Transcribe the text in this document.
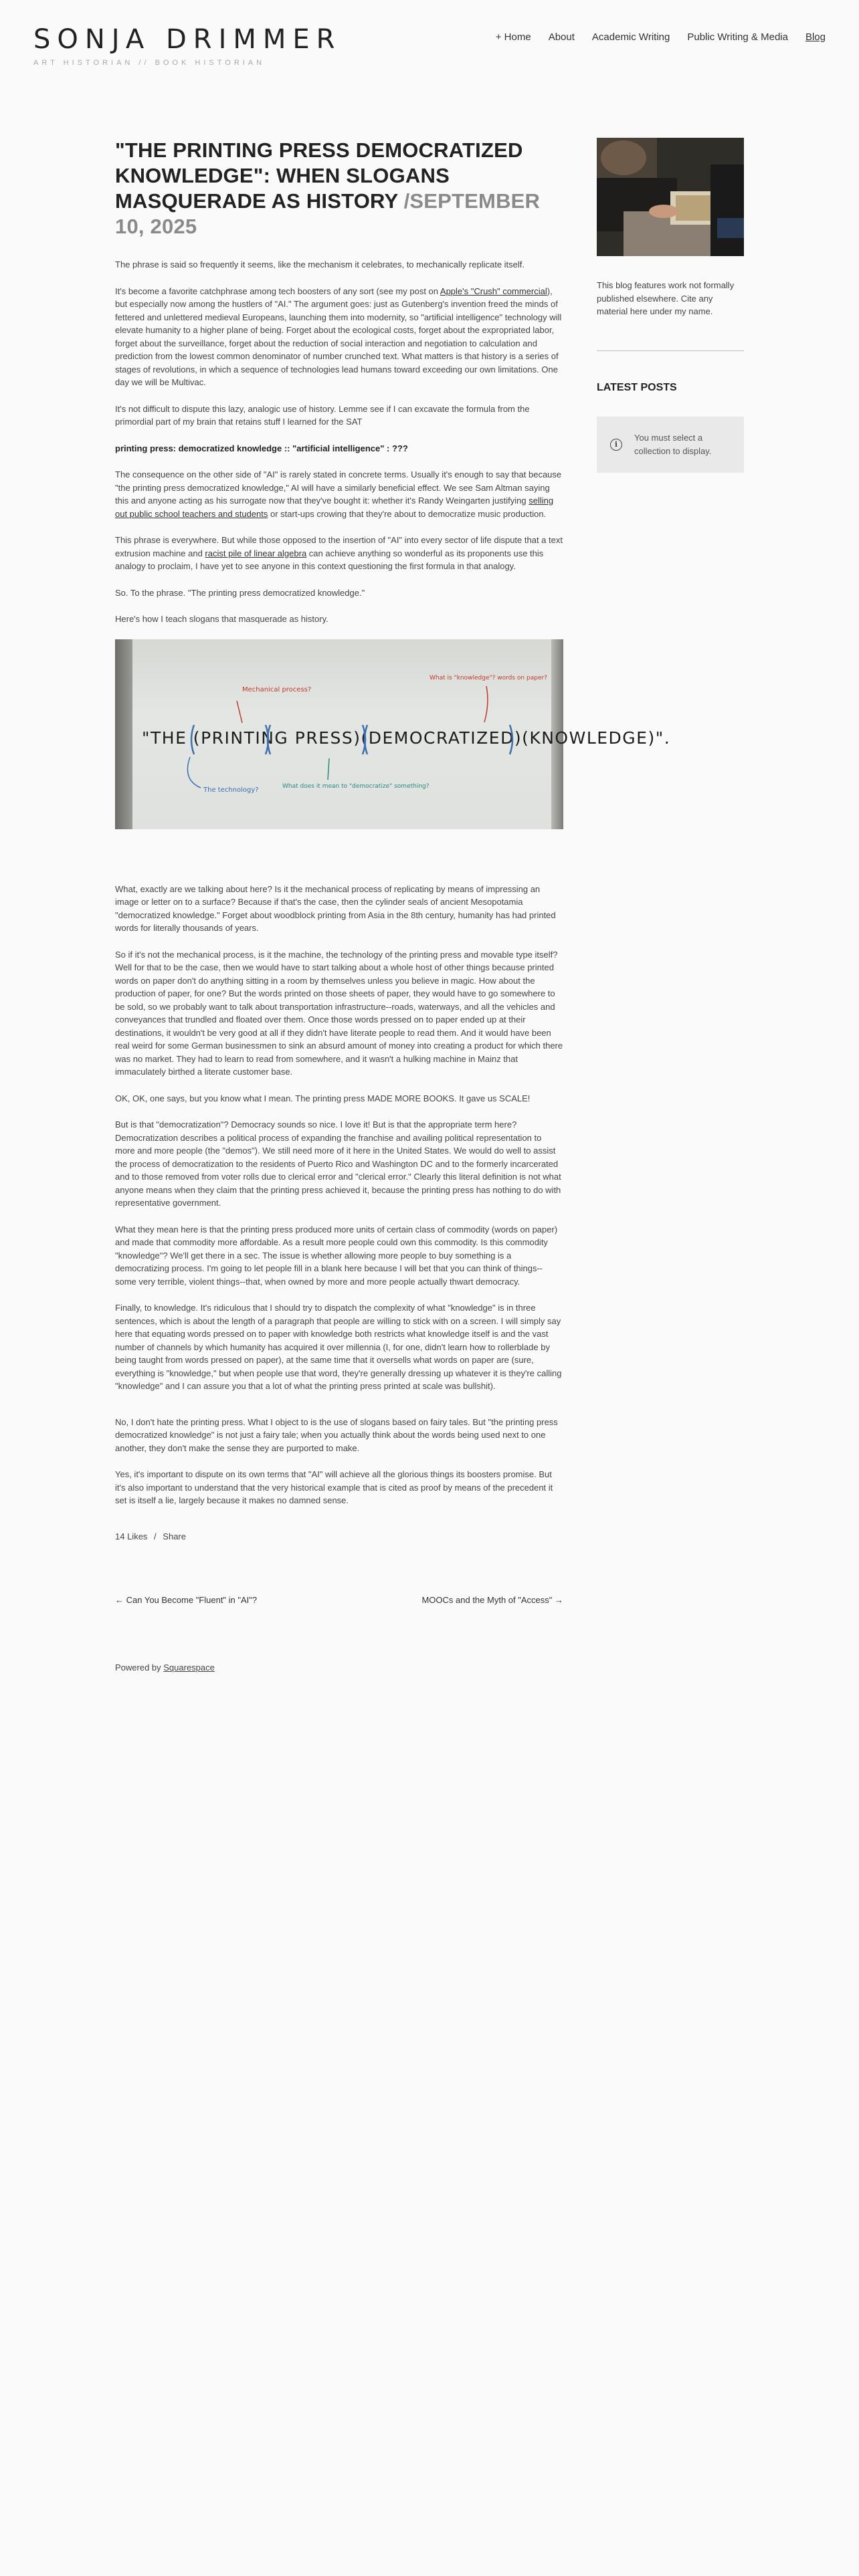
SONJA DRIMMER
ART HISTORIAN // BOOK HISTORIAN
+ Home About Academic Writing Public Writing & Media Blog
"THE PRINTING PRESS DEMOCRATIZED KNOWLEDGE": WHEN SLOGANS MASQUERADE AS HISTORY /SEPTEMBER 10, 2025

The phrase is said so frequently it seems, like the mechanism it celebrates, to mechanically replicate itself.

It's become a favorite catchphrase among tech boosters of any sort (see my post on Apple's "Crush" commercial), but especially now among the hustlers of "AI." The argument goes: just as Gutenberg's invention freed the minds of fettered and unlettered medieval Europeans, launching them into modernity, so "artificial intelligence" technology will elevate humanity to a higher plane of being. Forget about the ecological costs, forget about the expropriated labor, forget about the surveillance, forget about the reduction of social interaction and negotiation to calculation and prediction from the lowest common denominator of number crunched text. What matters is that history is a series of stages of revolutions, in which a sequence of technologies lead humans toward exceeding our own limitations. One day we will be Multivac.

It's not difficult to dispute this lazy, analogic use of history. Lemme see if I can excavate the formula from the primordial part of my brain that retains stuff I learned for the SAT

printing press: democratized knowledge :: "artificial intelligence" : ???

The consequence on the other side of "AI" is rarely stated in concrete terms. Usually it's enough to say that because "the printing press democratized knowledge," AI will have a similarly beneficial effect. We see Sam Altman saying this and anyone acting as his surrogate now that they've bought it: whether it's Randy Weingarten justifying selling out public school teachers and students or start-ups crowing that they're about to democratize music production.

This phrase is everywhere. But while those opposed to the insertion of "AI" into every sector of life dispute that a text extrusion machine and racist pile of linear algebra can achieve anything so wonderful as its proponents use this analogy to proclaim, I have yet to see anyone in this context questioning the first formula in that analogy.

So. To the phrase. "The printing press democratized knowledge."

Here's how I teach slogans that masquerade as history.

"THE (PRINTING PRESS)(DEMOCRATIZED)(KNOWLEDGE)".
Mechanical process?
The technology?
What is "knowledge"? words on paper?
What does it mean to "democratize" something?

What, exactly are we talking about here? Is it the mechanical process of replicating by means of impressing an image or letter on to a surface? Because if that's the case, then the cylinder seals of ancient Mesopotamia "democratized knowledge." Forget about woodblock printing from Asia in the 8th century, humanity has had printed words for literally thousands of years.

So if it's not the mechanical process, is it the machine, the technology of the printing press and movable type itself? Well for that to be the case, then we would have to start talking about a whole host of other things because printed words on paper don't do anything sitting in a room by themselves unless you believe in magic. How about the production of paper, for one? But the words printed on those sheets of paper, they would have to go somewhere to be sold, so we probably want to talk about transportation infrastructure--roads, waterways, and all the vehicles and conveyances that trundled and floated over them. Once those words pressed on to paper ended up at their destinations, it wouldn't be very good at all if they didn't have literate people to read them. And it would have been real weird for some German businessmen to sink an absurd amount of money into creating a product for which there was no market. They had to learn to read from somewhere, and it wasn't a hulking machine in Mainz that immaculately birthed a literate customer base.

OK, OK, one says, but you know what I mean. The printing press MADE MORE BOOKS. It gave us SCALE!

But is that "democratization"? Democracy sounds so nice. I love it! But is that the appropriate term here? Democratization describes a political process of expanding the franchise and availing political representation to more and more people (the "demos"). We still need more of it here in the United States. We would do well to assist the process of democratization to the residents of Puerto Rico and Washington DC and to the formerly incarcerated and to those removed from voter rolls due to clerical error and "clerical error." Clearly this literal definition is not what anyone means when they claim that the printing press achieved it, because the printing press has nothing to do with representative government.

What they mean here is that the printing press produced more units of certain class of commodity (words on paper) and made that commodity more affordable. As a result more people could own this commodity. Is this commodity "knowledge"? We'll get there in a sec. The issue is whether allowing more people to buy something is a democratizing process. I'm going to let people fill in a blank here because I will bet that you can think of things--some very terrible, violent things--that, when owned by more and more people actually thwart democracy.

Finally, to knowledge. It's ridiculous that I should try to dispatch the complexity of what "knowledge" is in three sentences, which is about the length of a paragraph that people are willing to stick with on a screen. I will simply say here that equating words pressed on to paper with knowledge both restricts what knowledge itself is and the vast number of channels by which humanity has acquired it over millennia (I, for one, didn't learn how to rollerblade by being taught from words pressed on paper), at the same time that it oversells what words on paper are (sure, everything is "knowledge," but when people use that word, they're generally dressing up whatever it is they're calling "knowledge" and I can assure you that a lot of what the printing press printed at scale was bullshit).

No, I don't hate the printing press. What I object to is the use of slogans based on fairy tales. But "the printing press democratized knowledge" is not just a fairy tale; when you actually think about the words being used next to one another, they don't make the sense they are purported to make.

Yes, it's important to dispute on its own terms that "AI" will achieve all the glorious things its boosters promise. But it's also important to understand that the very historical example that is cited as proof by means of the precedent it set is itself a lie, largely because it makes no damned sense.

14 Likes / Share
← Can You Become "Fluent" in "AI"?	MOOCs and the Myth of "Access" →
Powered by Squarespace

This blog features work not formally published elsewhere. Cite any material here under my name.

LATEST POSTS
i
You must select a collection to display.
